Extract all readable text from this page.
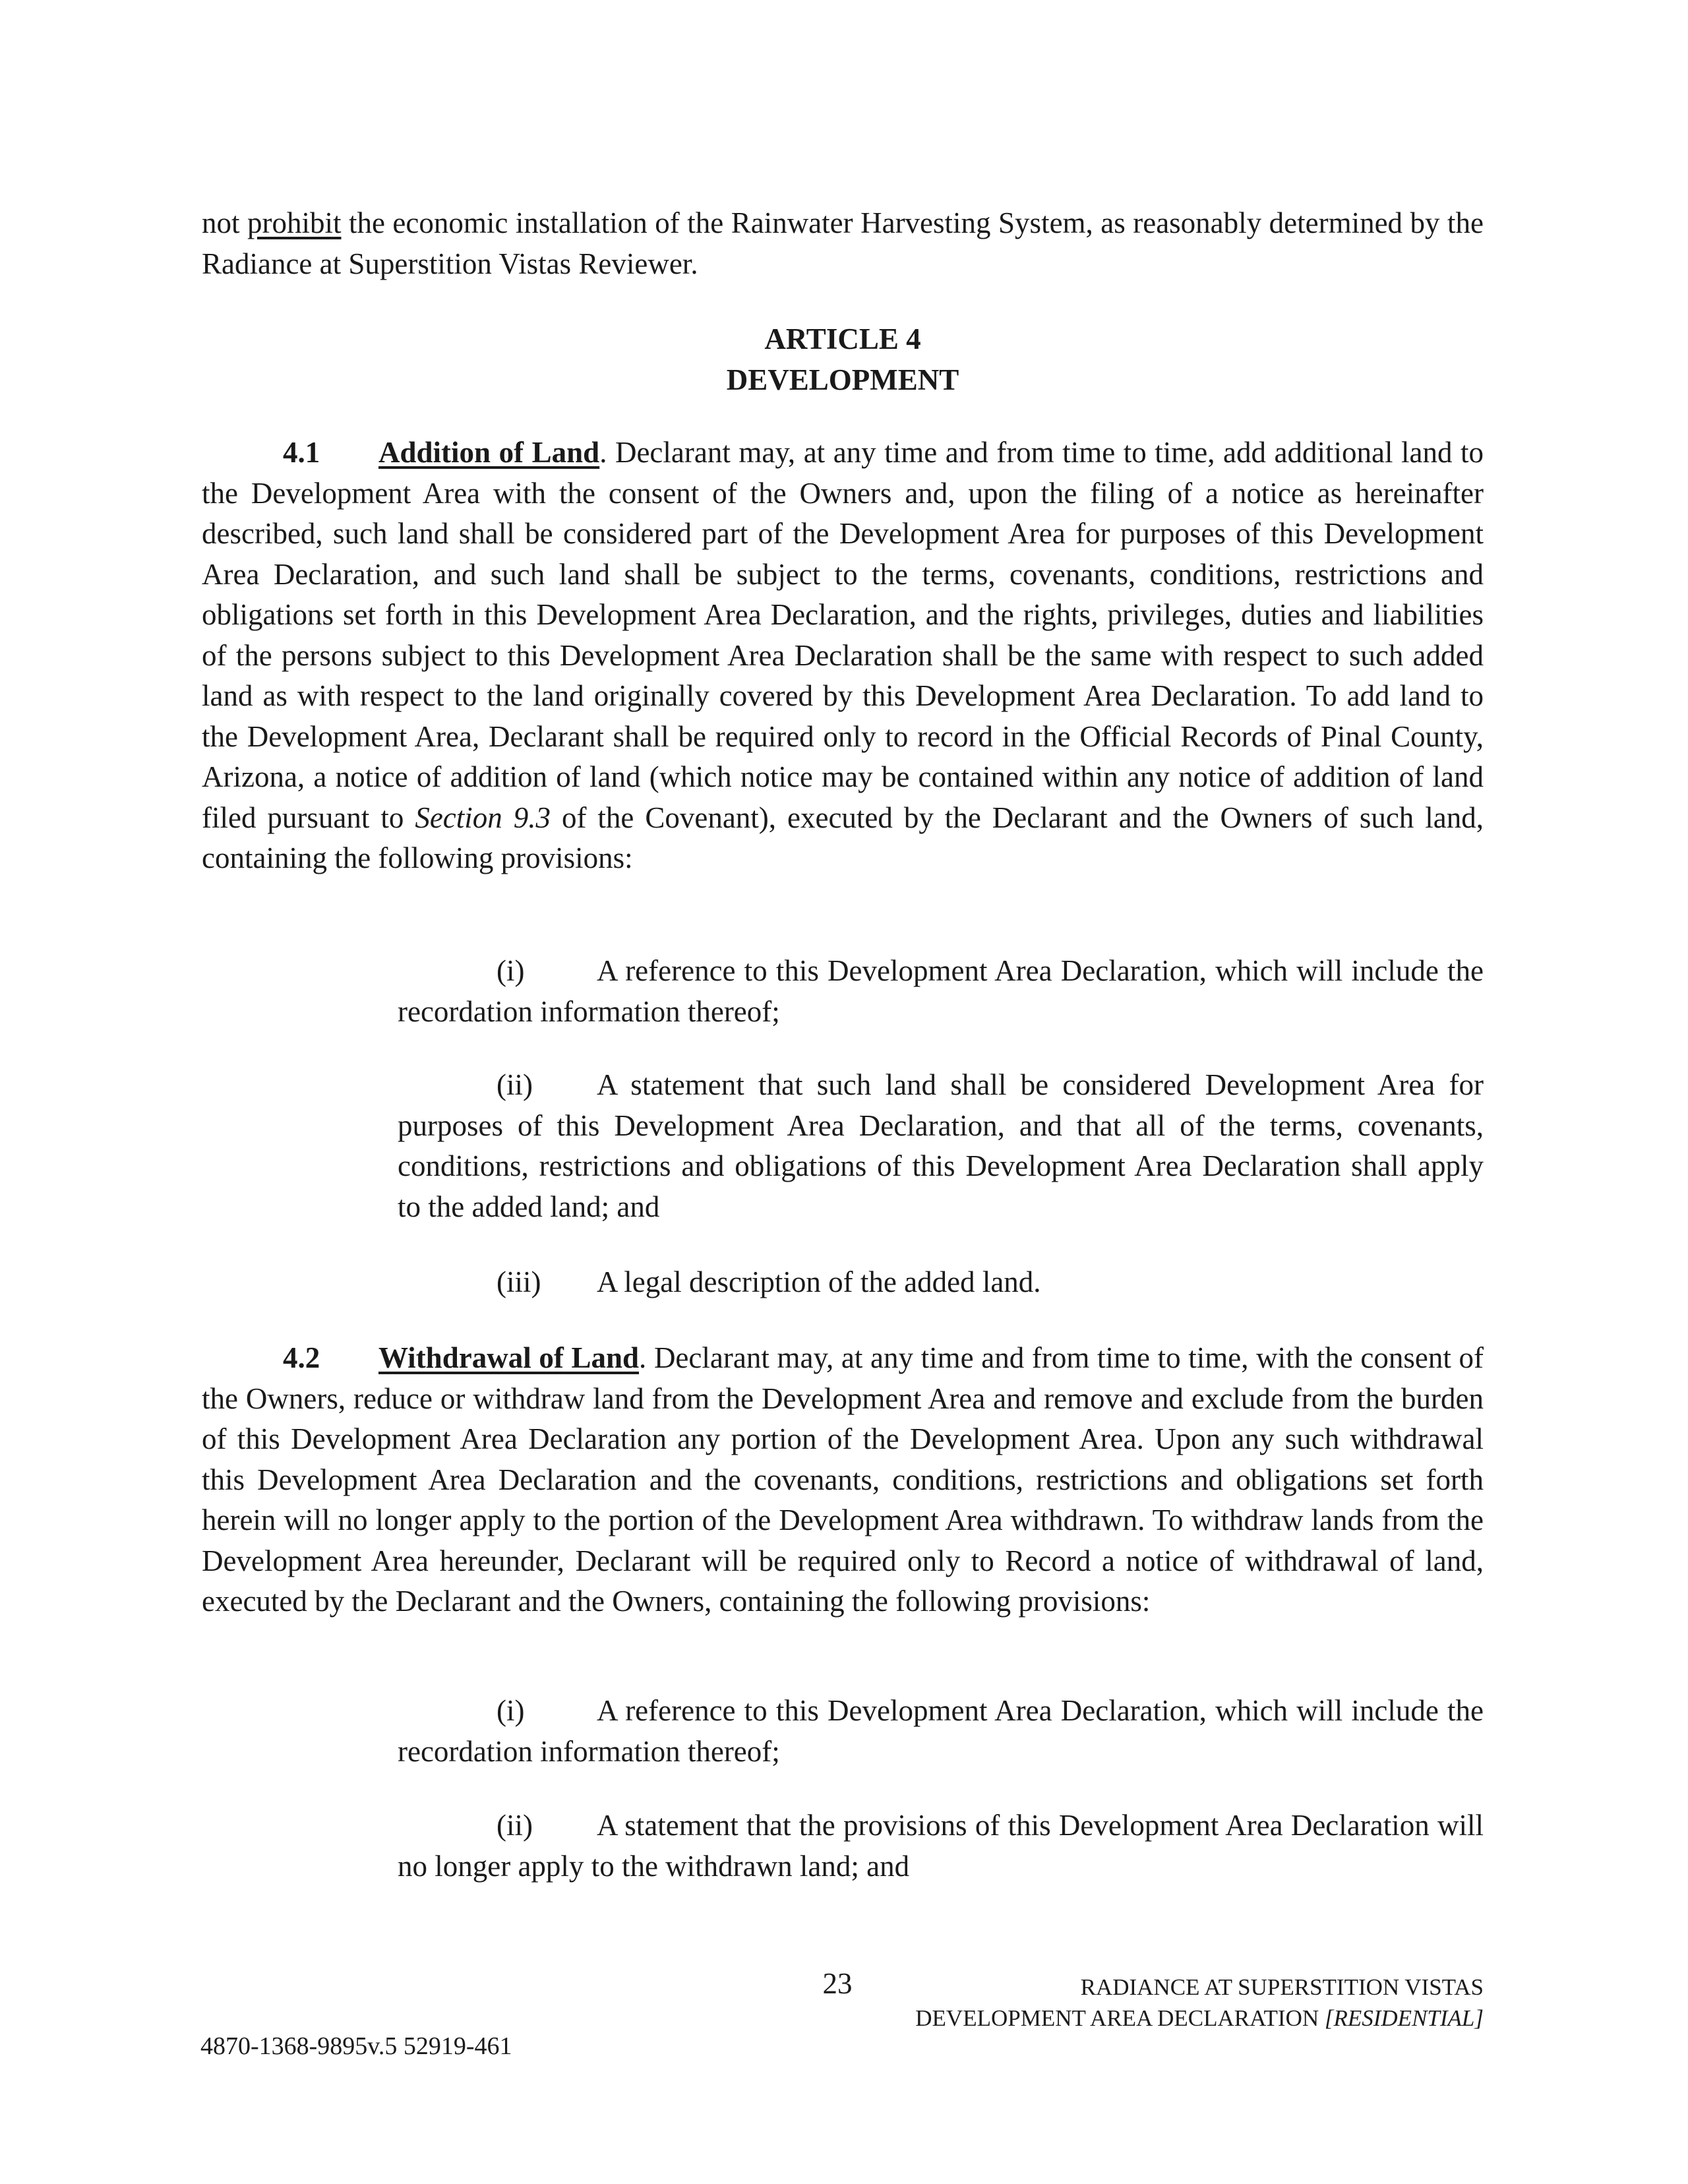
not prohibit the economic installation of the Rainwater Harvesting System, as reasonably determined by the Radiance at Superstition Vistas Reviewer.

ARTICLE 4

DEVELOPMENT

4.1 Addition of Land. Declarant may, at any time and from time to time, add additional land to the Development Area with the consent of the Owners and, upon the filing of a notice as hereinafter described, such land shall be considered part of the Development Area for purposes of this Development Area Declaration, and such land shall be subject to the terms, covenants, conditions, restrictions and obligations set forth in this Development Area Declaration, and the rights, privileges, duties and liabilities of the persons subject to this Development Area Declaration shall be the same with respect to such added land as with respect to the land originally covered by this Development Area Declaration. To add land to the Development Area, Declarant shall be required only to record in the Official Records of Pinal County, Arizona, a notice of addition of land (which notice may be contained within any notice of addition of land filed pursuant to Section 9.3 of the Covenant), executed by the Declarant and the Owners of such land, containing the following provisions:

(i) A reference to this Development Area Declaration, which will include the recordation information thereof;

(ii) A statement that such land shall be considered Development Area for purposes of this Development Area Declaration, and that all of the terms, covenants, conditions, restrictions and obligations of this Development Area Declaration shall apply to the added land; and

(iii) A legal description of the added land.

4.2 Withdrawal of Land. Declarant may, at any time and from time to time, with the consent of the Owners, reduce or withdraw land from the Development Area and remove and exclude from the burden of this Development Area Declaration any portion of the Development Area. Upon any such withdrawal this Development Area Declaration and the covenants, conditions, restrictions and obligations set forth herein will no longer apply to the portion of the Development Area withdrawn. To withdraw lands from the Development Area hereunder, Declarant will be required only to Record a notice of withdrawal of land, executed by the Declarant and the Owners, containing the following provisions:

(i) A reference to this Development Area Declaration, which will include the recordation information thereof;

(ii) A statement that the provisions of this Development Area Declaration will no longer apply to the withdrawn land; and

23	RADIANCE AT SUPERSTITION VISTAS
DEVELOPMENT AREA DECLARATION [RESIDENTIAL]
4870-1368-9895v.5 52919-461
